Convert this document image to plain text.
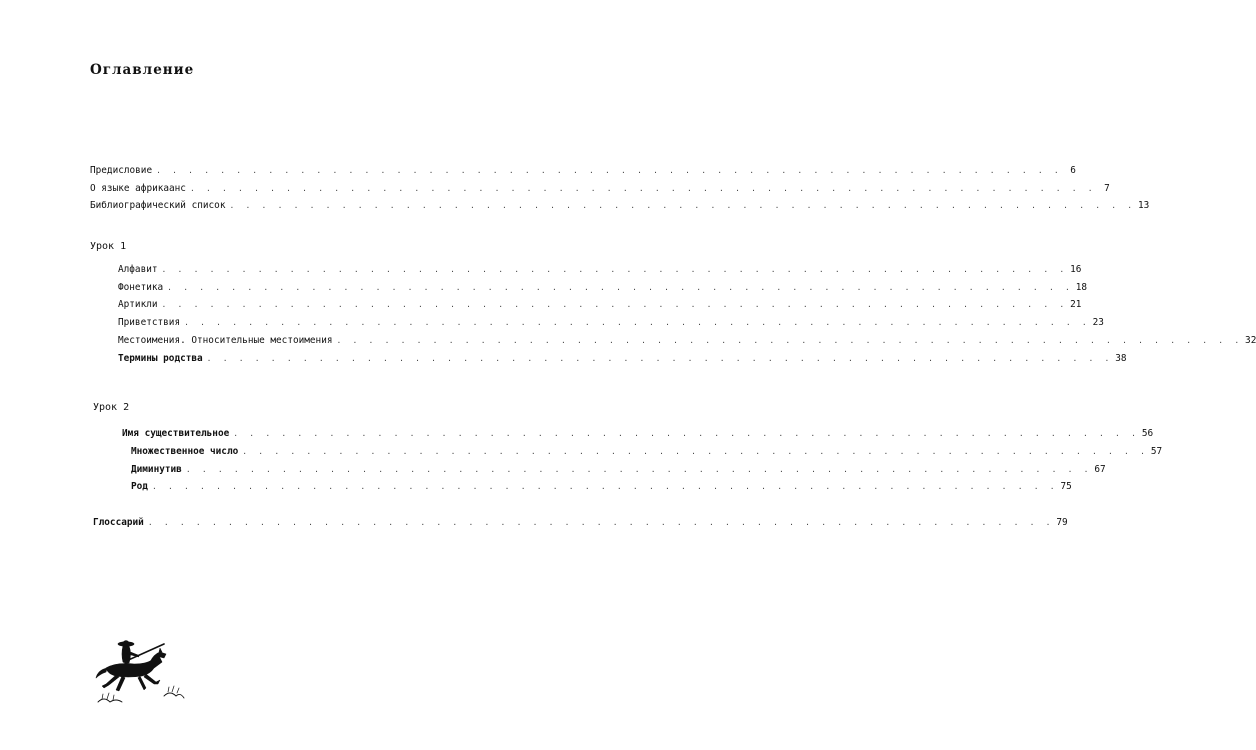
Оглавление
Предисловие . . . . . . . . . . . . . . . . . . . . . . . . . . . . . . . . . . . . . . . . . . . . . . . . . . . . . . . . . 6
О языке африкаанс . . . . . . . . . . . . . . . . . . . . . . . . . . . . . . . . . . . . . . . . . . . . . . . . . . . . . . . . . 7
Библиографический список . . . . . . . . . . . . . . . . . . . . . . . . . . . . . . . . . . . . . . . . . . . . . . . . . . . . . . . . . 13
Урок 1
Алфавит . . . . . . . . . . . . . . . . . . . . . . . . . . . . . . . . . . . . . . . . . . . . . . . . . . . . . . . . . 16
Фонетика . . . . . . . . . . . . . . . . . . . . . . . . . . . . . . . . . . . . . . . . . . . . . . . . . . . . . . . . . 18
Артикли . . . . . . . . . . . . . . . . . . . . . . . . . . . . . . . . . . . . . . . . . . . . . . . . . . . . . . . . . 21
Приветствия . . . . . . . . . . . . . . . . . . . . . . . . . . . . . . . . . . . . . . . . . . . . . . . . . . . . . . . . . 23
Местоимения. Относительные местоимения . . . . . . . . . . . . . . . . . . . . . . . . . . . . . . . . . . . . . . . . . . . . . . . . . . . . . . . . . 32
Термины родства . . . . . . . . . . . . . . . . . . . . . . . . . . . . . . . . . . . . . . . . . . . . . . . . . . . . . . . . . 38
Урок 2
Имя существительное . . . . . . . . . . . . . . . . . . . . . . . . . . . . . . . . . . . . . . . . . . . . . . . . . . . . . . . . . 56
Множественное число . . . . . . . . . . . . . . . . . . . . . . . . . . . . . . . . . . . . . . . . . . . . . . . . . . . . . . . . . 57
Диминутив . . . . . . . . . . . . . . . . . . . . . . . . . . . . . . . . . . . . . . . . . . . . . . . . . . . . . . . . . 67
Род . . . . . . . . . . . . . . . . . . . . . . . . . . . . . . . . . . . . . . . . . . . . . . . . . . . . . . . . . 75
Глоссарий . . . . . . . . . . . . . . . . . . . . . . . . . . . . . . . . . . . . . . . . . . . . . . . . . . . . . . . . . 79
